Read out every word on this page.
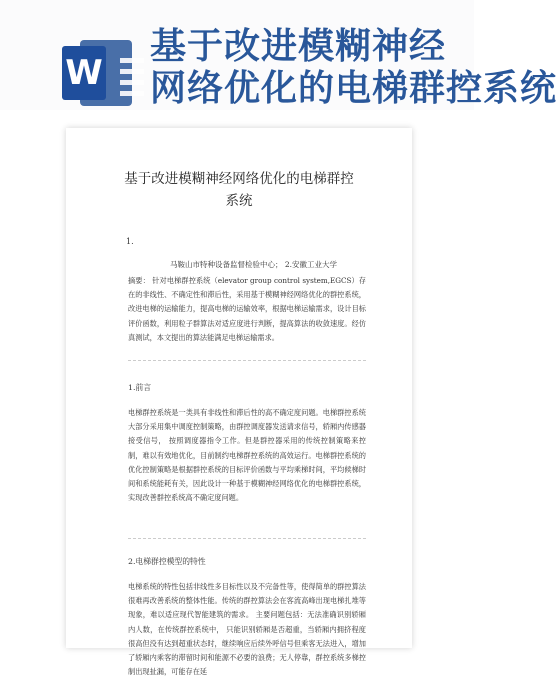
W
基于改进模糊神经
网络优化的电梯群控系统
基于改进模糊神经网络优化的电梯群控
系统
1.
马鞍山市特种设备监督检验中心； 2.安徽工业大学
摘要： 针对电梯群控系统（elevator group control system,EGCS）存在的非线性、不确定性和滞后性，采用基于模糊神经网络优化的群控系统，改进电梯的运输能力，提高电梯的运输效率，根据电梯运输需求，设计目标评价函数，利用粒子群算法对适应度进行判断，提高算法的收敛速度。经仿真测试，本文提出的算法能满足电梯运输需求。
1.前言
电梯群控系统是一类具有非线性和滞后性的高不确定度问题。电梯群控系统大部分采用集中调度控制策略，由群控调度器发送请求信号，轿厢内传感器接受信号， 按照调度器指令工作。但是群控器采用的传统控制策略来控制，难以有效地优化，目前制约电梯群控系统的高效运行。电梯群控系统的优化控制策略是根据群控系统的目标评价函数与平均乘梯时间，平均候梯时间和系统能耗有关，因此设计一种基于模糊神经网络优化的电梯群控系统， 实现改善群控系统高不确定度问题。
2.电梯群控模型的特性
电梯系统的特性包括非线性多目标性以及不完备性等，使得简单的群控算法很难再改善系统的整体性能。传统的群控算法会在客流高峰出现电梯扎堆等现象，难以适应现代智能建筑的需求。 主要问题包括：无法准确识别轿厢内人数，在传统群控系统中， 只能识别轿厢是否超重，当轿厢内拥挤程度很高但没有达到超重状态时，继续响应后续外呼信号但乘客无法进入，增加了轿厢内乘客的滞留时间和能源不必要的浪费；无人停靠，群控系统多梯控制出现扯漏，可能存在延
